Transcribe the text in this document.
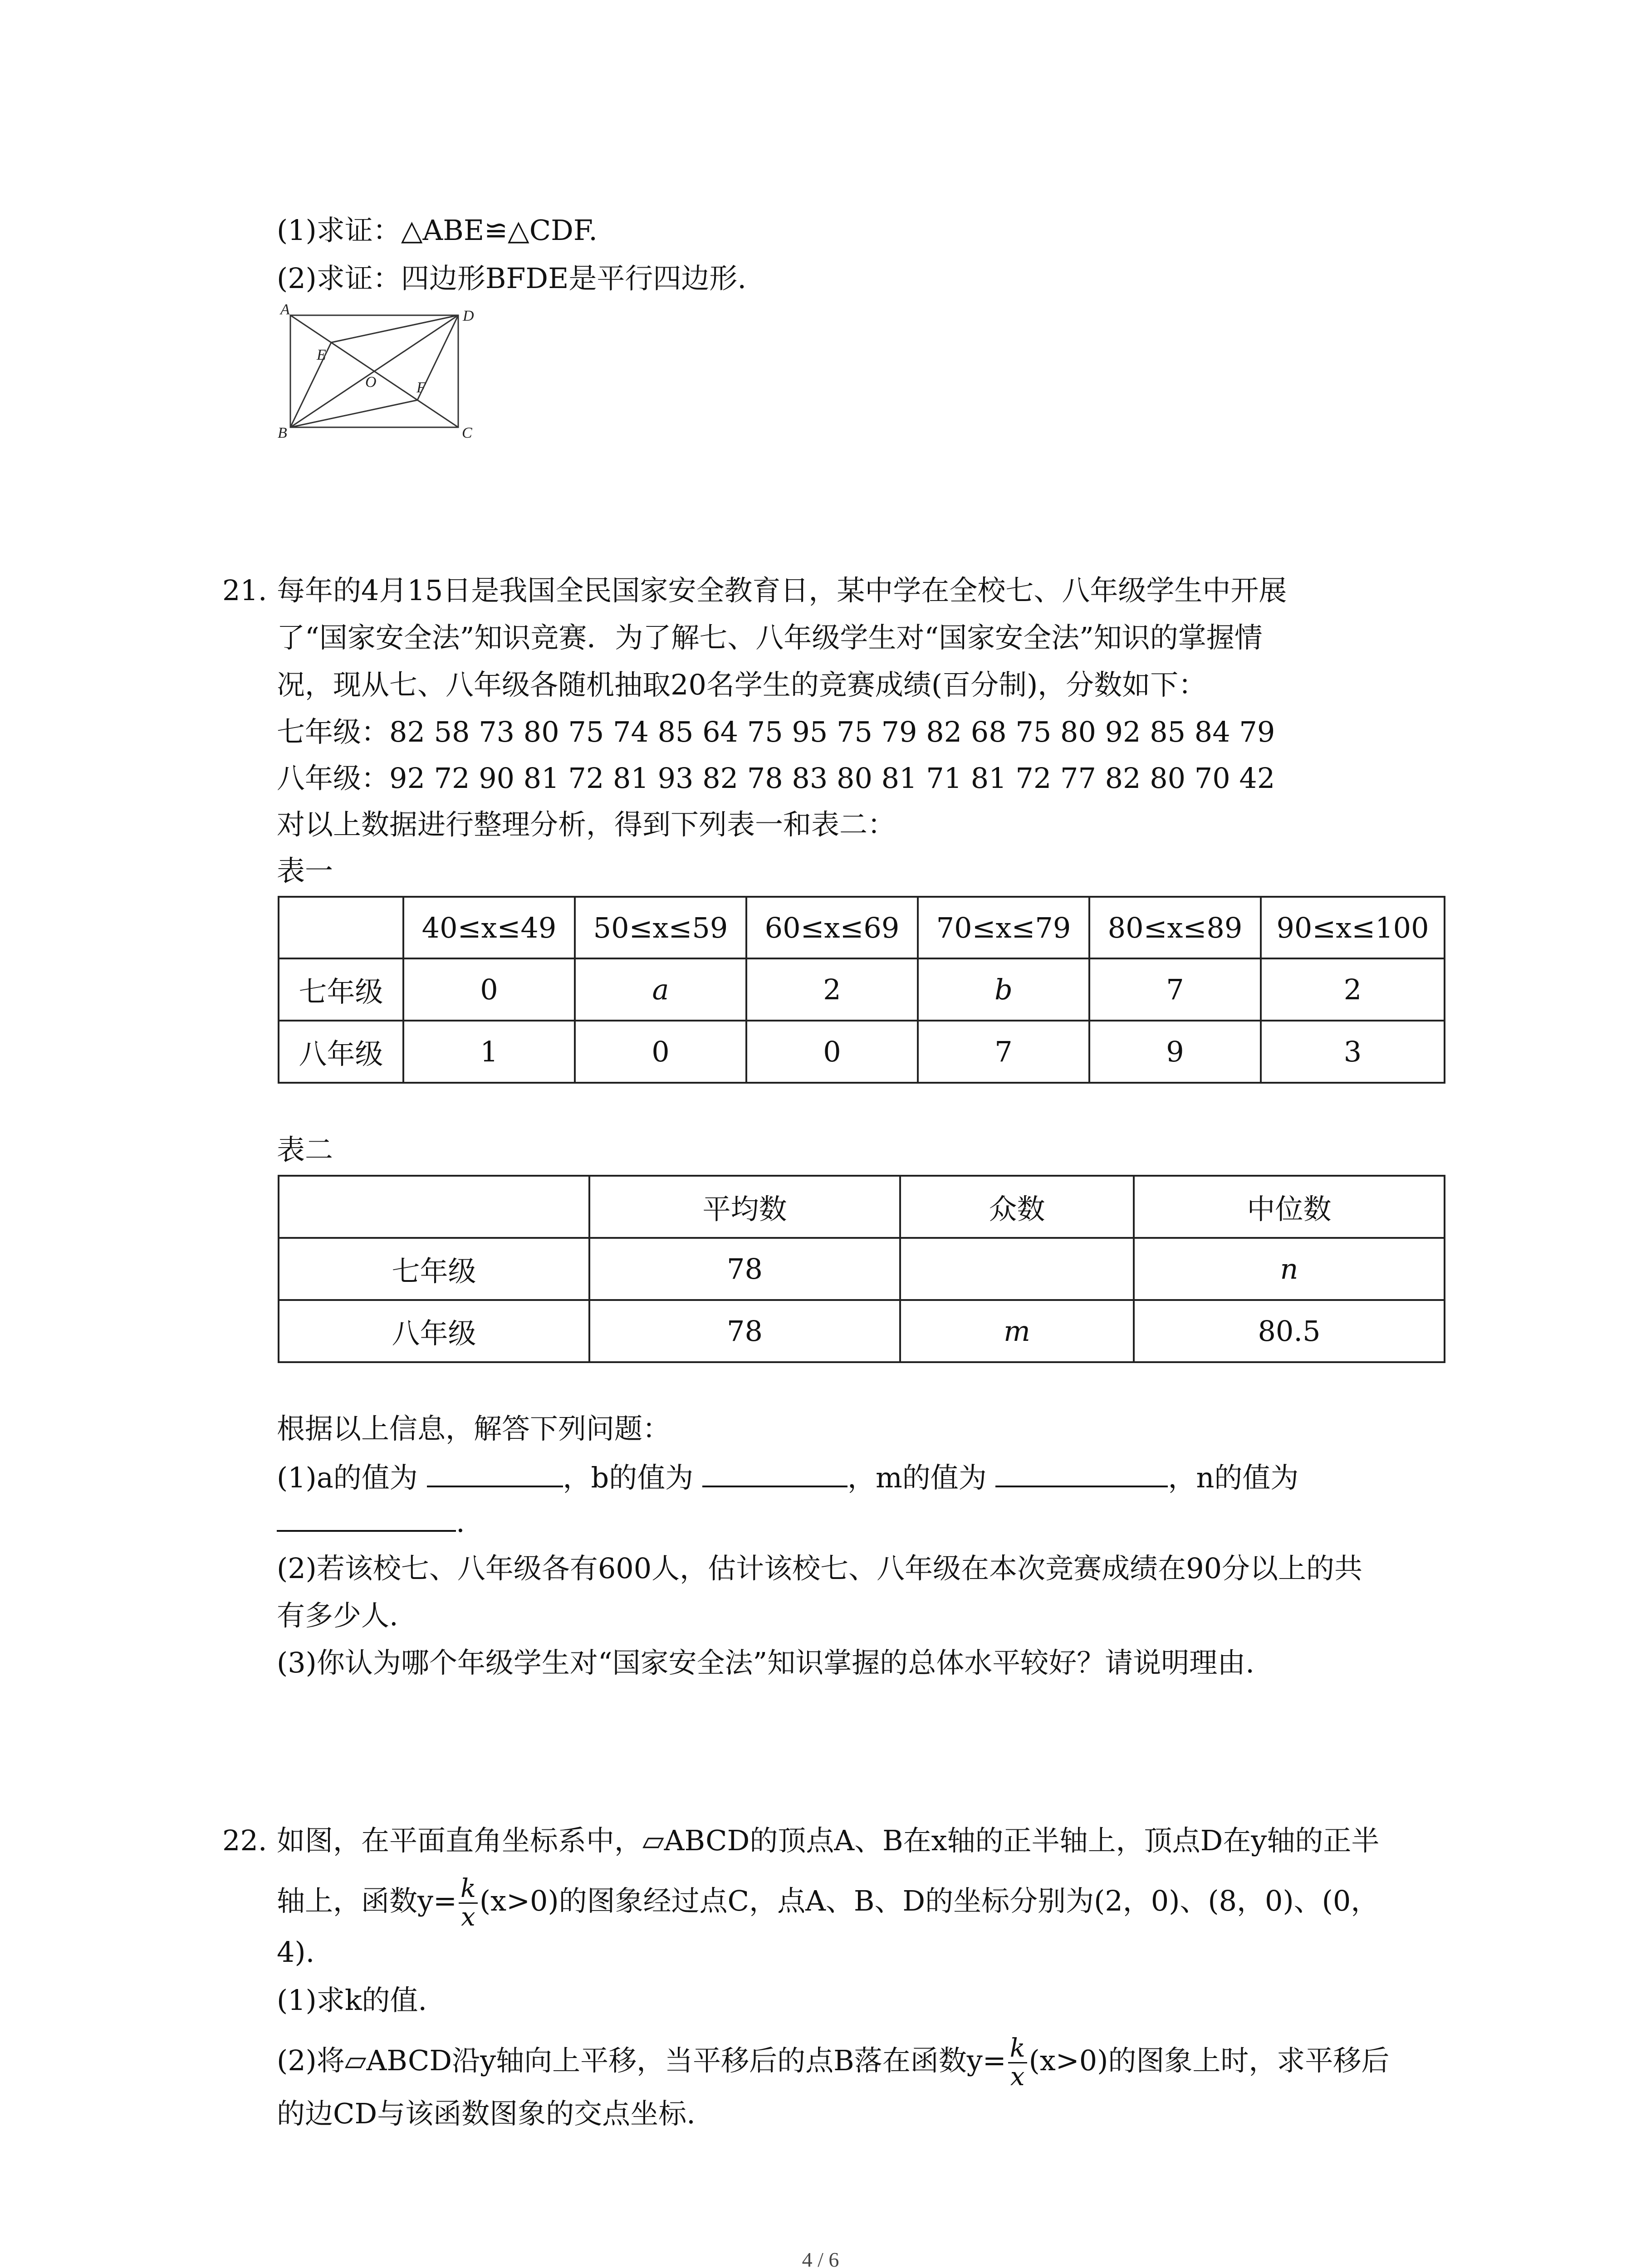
(1)求证：△ABE≌△CDF.
(2)求证：四边形BFDE是平行四边形.
A	D
B	C
E
F
O
21. 每年的4月15日是我国全民国家安全教育日，某中学在全校七、八年级学生中开展
了“国家安全法”知识竞赛．为了解七、八年级学生对“国家安全法”知识的掌握情
况，现从七、八年级各随机抽取20名学生的竞赛成绩(百分制)，分数如下：
七年级：82 58 73 80 75 74 85 64 75 95 75 79 82 68 75 80 92 85 84 79
八年级：92 72 90 81 72 81 93 82 78 83 80 81 71 81 72 77 82 80 70 42
对以上数据进行整理分析，得到下列表一和表二：
表一
	40≤x≤49	50≤x≤59	60≤x≤69	70≤x≤79	80≤x≤89	90≤x≤100
七年级	0	a	2	b	7	2
八年级	1	0	0	7	9	3
表二
	平均数	众数	中位数
七年级	78		n
八年级	78	m	80.5
根据以上信息，解答下列问题：
(1)a的值为	，b的值为	，m的值为	，n的值为
.
(2)若该校七、八年级各有600人，估计该校七、八年级在本次竞赛成绩在90分以上的共
有多少人.
(3)你认为哪个年级学生对“国家安全法”知识掌握的总体水平较好？请说明理由.
22. 如图，在平面直角坐标系中，▱ABCD的顶点A、B在x轴的正半轴上，顶点D在y轴的正半
轴上，函数$y= \frac{k}{x} (x>0)$的图象经过点C，点A、B、D的坐标分别为(2，0)、(8，0)、(0，
4).
(1)求k的值.
(2)将▱ABCD沿y轴向上平移，当平移后的点B落在函数$y= \frac{k}{x} (x>0)$的图象上时，求平移后
的边CD与该函数图象的交点坐标.
4 / 6
